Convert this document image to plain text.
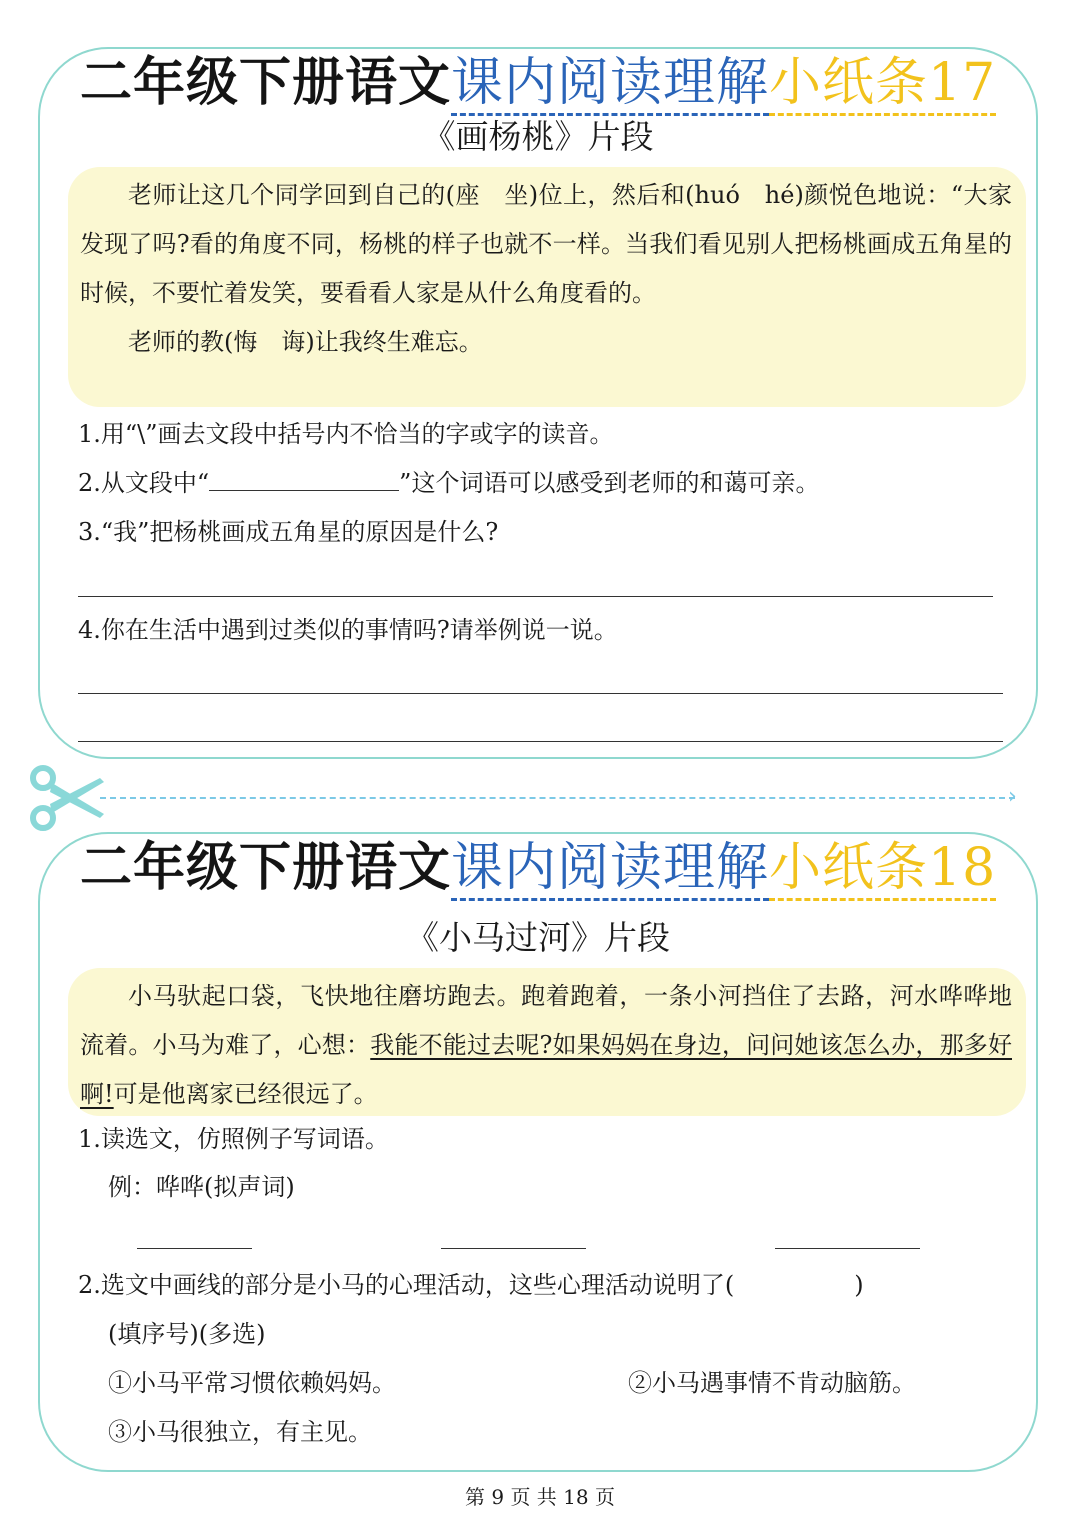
二年级下册语文课内阅读理解小纸条17
《画杨桃》片段

老师让这几个同学回到自己的(座　坐)位上，然后和(huó　hé)颜悦色地说：“大家发现了吗?看的角度不同，杨桃的样子也就不一样。当我们看见别人把杨桃画成五角星的时候，不要忙着发笑，要看看人家是从什么角度看的。

老师的教(悔　诲)让我终生难忘。

1.用“\”画去文段中括号内不恰当的字或字的读音。
2.从文段中“	”这个词语可以感受到老师的和蔼可亲。
3.“我”把杨桃画成五角星的原因是什么?
4.你在生活中遇到过类似的事情吗?请举例说一说。
›
二年级下册语文课内阅读理解小纸条18
《小马过河》片段

小马驮起口袋，飞快地往磨坊跑去。跑着跑着，一条小河挡住了去路，河水哗哗地流着。小马为难了，心想：我能不能过去呢?如果妈妈在身边，问问她该怎么办，那多好啊!可是他离家已经很远了。

1.读选文，仿照例子写词语。
例：哗哗(拟声词)
2.选文中画线的部分是小马的心理活动，这些心理活动说明了(　　　　　)
(填序号)(多选)
①小马平常习惯依赖妈妈。	②小马遇事情不肯动脑筋。
③小马很独立，有主见。
第 9 页 共 18 页
